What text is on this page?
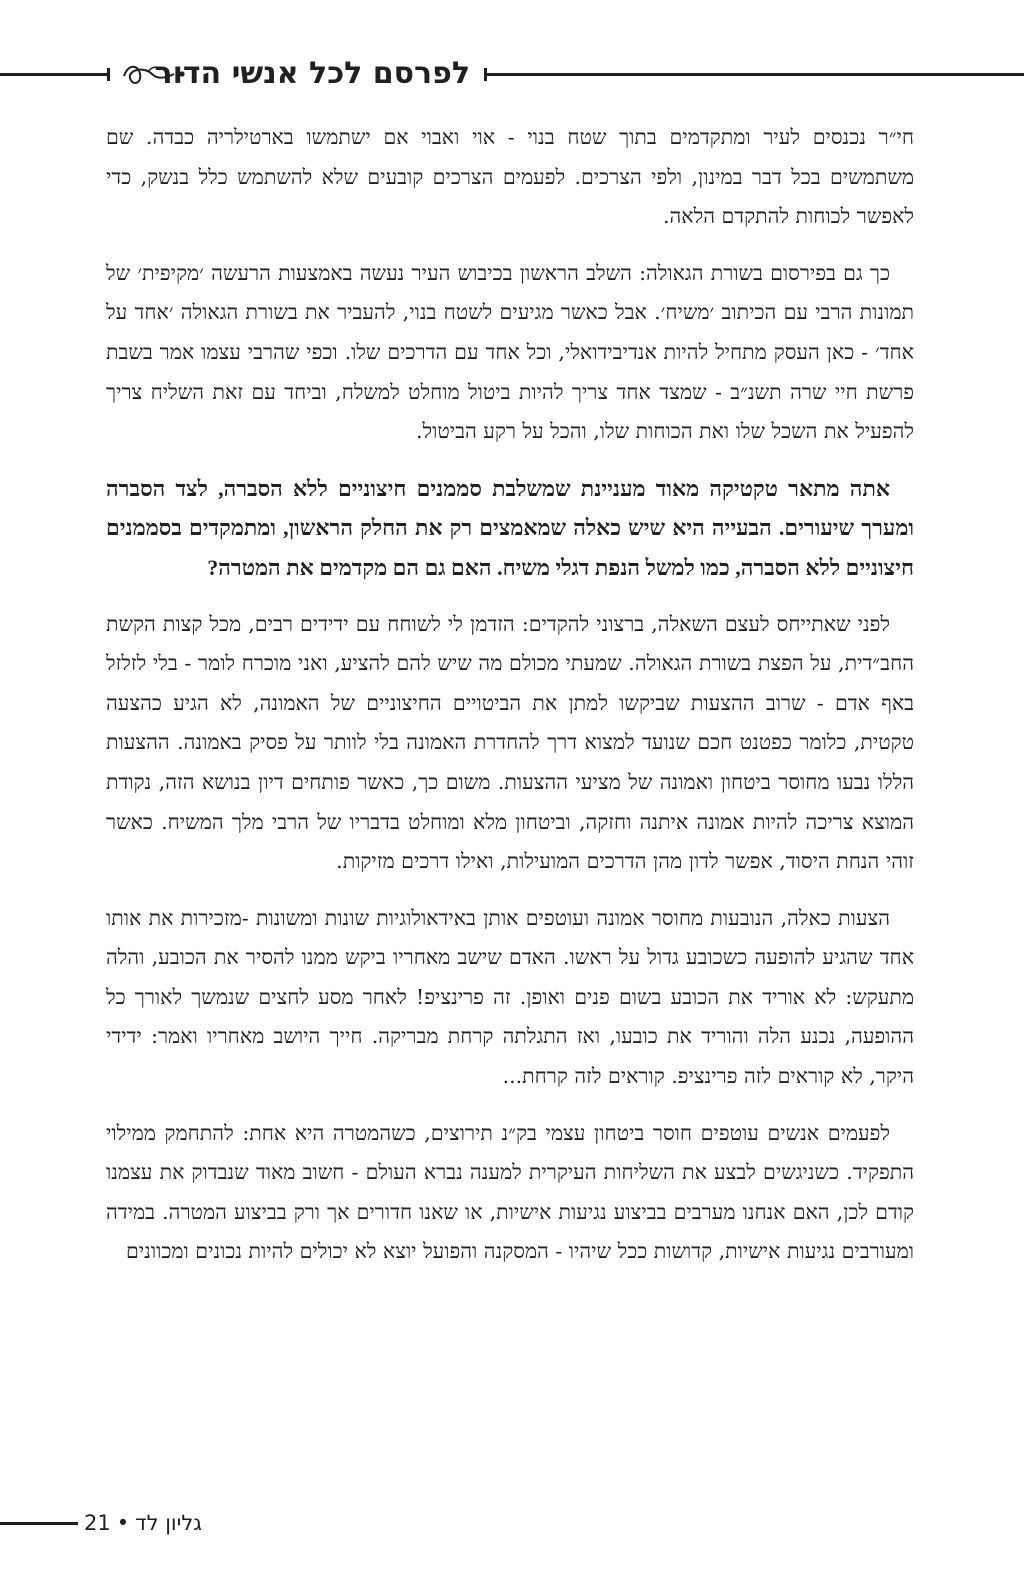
לפרסם לכל אנשי הדור

חי״ר נכנסים לעיר ומתקדמים בתוך שטח בנוי - אוי ואבוי אם ישתמשו בארטילריה כבדה. שם משתמשים בכל דבר במינון, ולפי הצרכים. לפעמים הצרכים קובעים שלא להשתמש כלל בנשק, כדי לאפשר לכוחות להתקדם הלאה.

כך גם בפירסום בשורת הגאולה: השלב הראשון בכיבוש העיר נעשה באמצעות הרעשה ׳מקיפית׳ של תמונות הרבי עם הכיתוב ׳משיח׳. אבל כאשר מגיעים לשטח בנוי, להעביר את בשורת הגאולה ׳אחד על אחד׳ - כאן העסק מתחיל להיות אנדיבידואלי, וכל אחד עם הדרכים שלו. וכפי שהרבי עצמו אמר בשבת פרשת חיי שרה תשנ״ב - שמצד אחד צריך להיות ביטול מוחלט למשלח, וביחד עם זאת השליח צריך להפעיל את השכל שלו ואת הכוחות שלו, והכל על רקע הביטול.

אתה מתאר טקטיקה מאוד מעניינת שמשלבת סממנים חיצוניים ללא הסברה, לצד הסברה ומערך שיעורים. הבעייה היא שיש כאלה שמאמצים רק את החלק הראשון, ומתמקדים בסממנים חיצוניים ללא הסברה, כמו למשל הנפת דגלי משיח. האם גם הם מקדמים את המטרה?

לפני שאתייחס לעצם השאלה, ברצוני להקדים: הזדמן לי לשוחח עם ידידים רבים, מכל קצות הקשת החב״דית, על הפצת בשורת הגאולה. שמעתי מכולם מה שיש להם להציע, ואני מוכרח לומר - בלי לזלזל באף אדם - שרוב ההצעות שביקשו למתן את הביטויים החיצוניים של האמונה, לא הגיע כהצעה טקטית, כלומר כפטנט חכם שנועד למצוא דרך להחדרת האמונה בלי לוותר על פסיק באמונה. ההצעות הללו נבעו מחוסר ביטחון ואמונה של מציעי ההצעות. משום כך, כאשר פותחים דיון בנושא הזה, נקודת המוצא צריכה להיות אמונה איתנה וחזקה, וביטחון מלא ומוחלט בדבריו של הרבי מלך המשיח. כאשר זוהי הנחת היסוד, אפשר לדון מהן הדרכים המועילות, ואילו דרכים מזיקות.

הצעות כאלה, הנובעות מחוסר אמונה ועוטפים אותן באידאולוגיות שונות ומשונות -מזכירות את אותו אחד שהגיע להופעה כשכובע גדול על ראשו. האדם שישב מאחריו ביקש ממנו להסיר את הכובע, והלה מתעקש: לא אוריד את הכובע בשום פנים ואופן. זה פרינציפ! לאחר מסע לחצים שנמשך לאורך כל ההופעה, נכנע הלה והוריד את כובעו, ואז התגלתה קרחת מבריקה. חייך היושב מאחריו ואמר: ידידי היקר, לא קוראים לזה פרינציפ. קוראים לזה קרחת...

לפעמים אנשים עוטפים חוסר ביטחון עצמי בק״נ תירוצים, כשהמטרה היא אחת: להתחמק ממילוי התפקיד. כשניגשים לבצע את השליחות העיקרית למענה נברא העולם - חשוב מאוד שנבדוק את עצמנו קודם לכן, האם אנחנו מערבים בביצוע נגיעות אישיות, או שאנו חדורים אך ורק בביצוע המטרה. במידה ומעורבים נגיעות אישיות, קדושות ככל שיהיו - המסקנה והפועל יוצא לא יכולים להיות נכונים ומכוונים

21 • גליון לד
